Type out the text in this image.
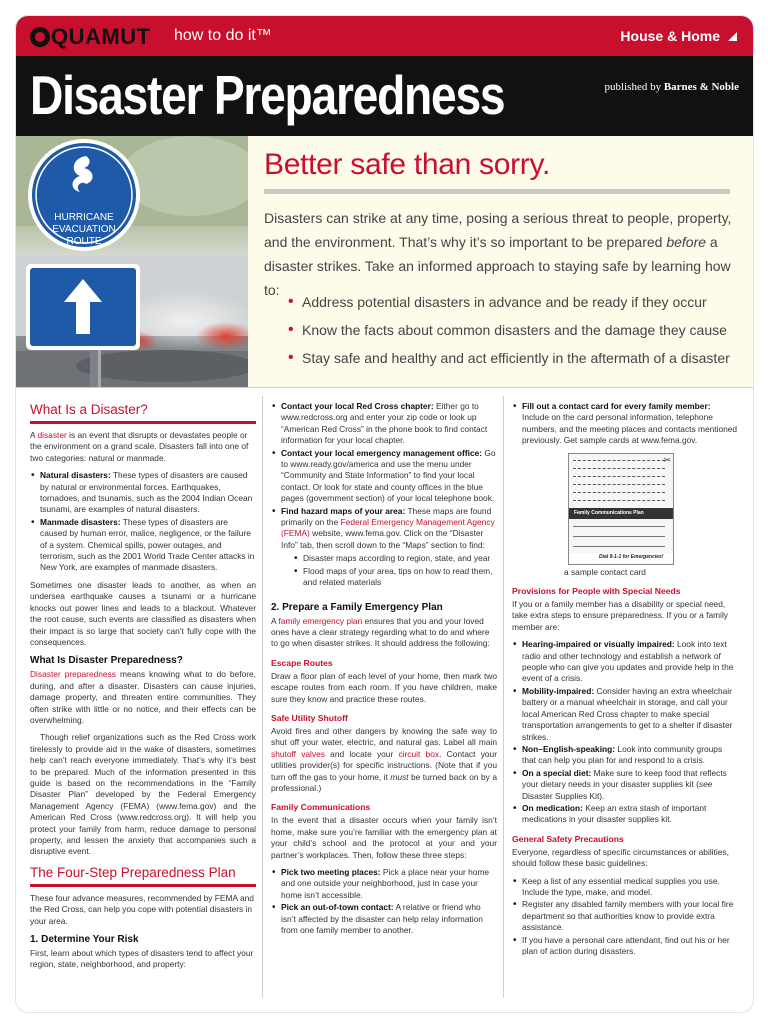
QUAMUT how to do it™	House & Home
Disaster Preparedness	published by Barnes & Noble
HURRICANE
EVACUATION
ROUTE
Better safe than sorry.
Disasters can strike at any time, posing a serious threat to people, property, and the environment. That’s why it’s so important to be prepared before a disaster strikes. Take an informed approach to staying safe by learning how to:
• Address potential disasters in advance and be ready if they occur
• Know the facts about common disasters and the damage they cause
• Stay safe and healthy and act efficiently in the aftermath of a disaster
What Is a Disaster?

A disaster is an event that disrupts or devastates people or the environment on a grand scale. Disasters fall into one of two categories: natural or manmade.

• Natural disasters: These types of disasters are caused by natural or environmental forces. Earthquakes, tornadoes, and tsunamis, such as the 2004 Indian Ocean tsunami, are examples of natural disasters.
• Manmade disasters: These types of disasters are caused by human error, malice, negligence, or the failure of a system. Chemical spills, power outages, and terrorism, such as the 2001 World Trade Center attacks in New York, are examples of manmade disasters.

Sometimes one disaster leads to another, as when an undersea earthquake causes a tsunami or a hurricane knocks out power lines and leads to a blackout. Whatever the root cause, such events are classified as disasters when their impact is so large that society can’t fully cope with the consequences.

What Is Disaster Preparedness?

Disaster preparedness means knowing what to do before, during, and after a disaster. Disasters can cause injuries, damage property, and threaten entire communities. They often strike with little or no notice, and their effects can be overwhelming.

Though relief organizations such as the Red Cross work tirelessly to provide aid in the wake of disasters, sometimes help can’t reach everyone immediately. That’s why it’s best to be prepared. Much of the information presented in this guide is based on the recommendations in the “Family Disaster Plan” developed by the Federal Emergency Management Agency (FEMA) (www.fema.gov) and the American Red Cross (www.redcross.org). It will help you protect your family from harm, reduce damage to personal property, and lessen the anxiety that accompanies such a disruptive event.

The Four-Step Preparedness Plan

These four advance measures, recommended by FEMA and the Red Cross, can help you cope with potential disasters in your area.

1. Determine Your Risk

First, learn about which types of disasters tend to affect your region, state, neighborhood, and property:

• Contact your local Red Cross chapter: Either go to www.redcross.org and enter your zip code or look up “American Red Cross” in the phone book to find contact information for your local chapter.
• Contact your local emergency management office: Go to www.ready.gov/america and use the menu under “Community and State Information” to find your local contact. Or look for state and county offices in the blue pages (government section) of your local telephone book.
• Find hazard maps of your area: These maps are found primarily on the Federal Emergency Management Agency (FEMA) website, www.fema.gov. Click on the “Disaster Info” tab, then scroll down to the “Maps” section to find:
• Disaster maps according to region, state, and year
• Flood maps of your area, tips on how to read them, and related materials
2. Prepare a Family Emergency Plan

A family emergency plan ensures that you and your loved ones have a clear strategy regarding what to do and where to go when disaster strikes. It should address the following:

Escape Routes

Draw a floor plan of each level of your home, then mark two escape routes from each room. If you have children, make sure they know and practice these routes.

Safe Utility Shutoff

Avoid fires and other dangers by knowing the safe way to shut off your water, electric, and natural gas. Label all main shutoff valves and locate your circuit box. Contact your utilities provider(s) for specific instructions. (Note that if you turn off the gas to your home, it must be turned back on by a professional.)

Family Communications

In the event that a disaster occurs when your family isn’t home, make sure you’re familiar with the emergency plan at your child’s school and the protocol at your and your partner’s workplaces. Then, follow these three steps:

• Pick two meeting places: Pick a place near your home and one outside your neighborhood, just in case your home isn’t accessible.
• Pick an out-of-town contact: A relative or friend who isn’t affected by the disaster can help relay information from one family member to another.
• Fill out a contact card for every family member: Include on the card personal information, telephone numbers, and the meeting places and contacts mentioned previously. Get sample cards at www.fema.gov.
✂
Family Communications Plan
Dial 9-1-1 for Emergencies!
a sample contact card
Provisions for People with Special Needs

If you or a family member has a disability or special need, take extra steps to ensure preparedness. If you or a family member are:

• Hearing-impaired or visually impaired: Look into text radio and other technology and establish a network of people who can give you updates and provide help in the event of a crisis.
• Mobility-impaired: Consider having an extra wheelchair battery or a manual wheelchair in storage, and call your local American Red Cross chapter to make special transportation arrangements to get to a shelter if disaster strikes.
• Non–English-speaking: Look into community groups that can help you plan for and respond to a crisis.
• On a special diet: Make sure to keep food that reflects your dietary needs in your disaster supplies kit (see Disaster Supplies Kit).
• On medication: Keep an extra stash of important medications in your disaster supplies kit.
General Safety Precautions

Everyone, regardless of specific circumstances or abilities, should follow these basic guidelines:

• Keep a list of any essential medical supplies you use. Include the type, make, and model.
• Register any disabled family members with your local fire department so that authorities know to provide extra assistance.
• If you have a personal care attendant, find out his or her plan of action during disasters.
